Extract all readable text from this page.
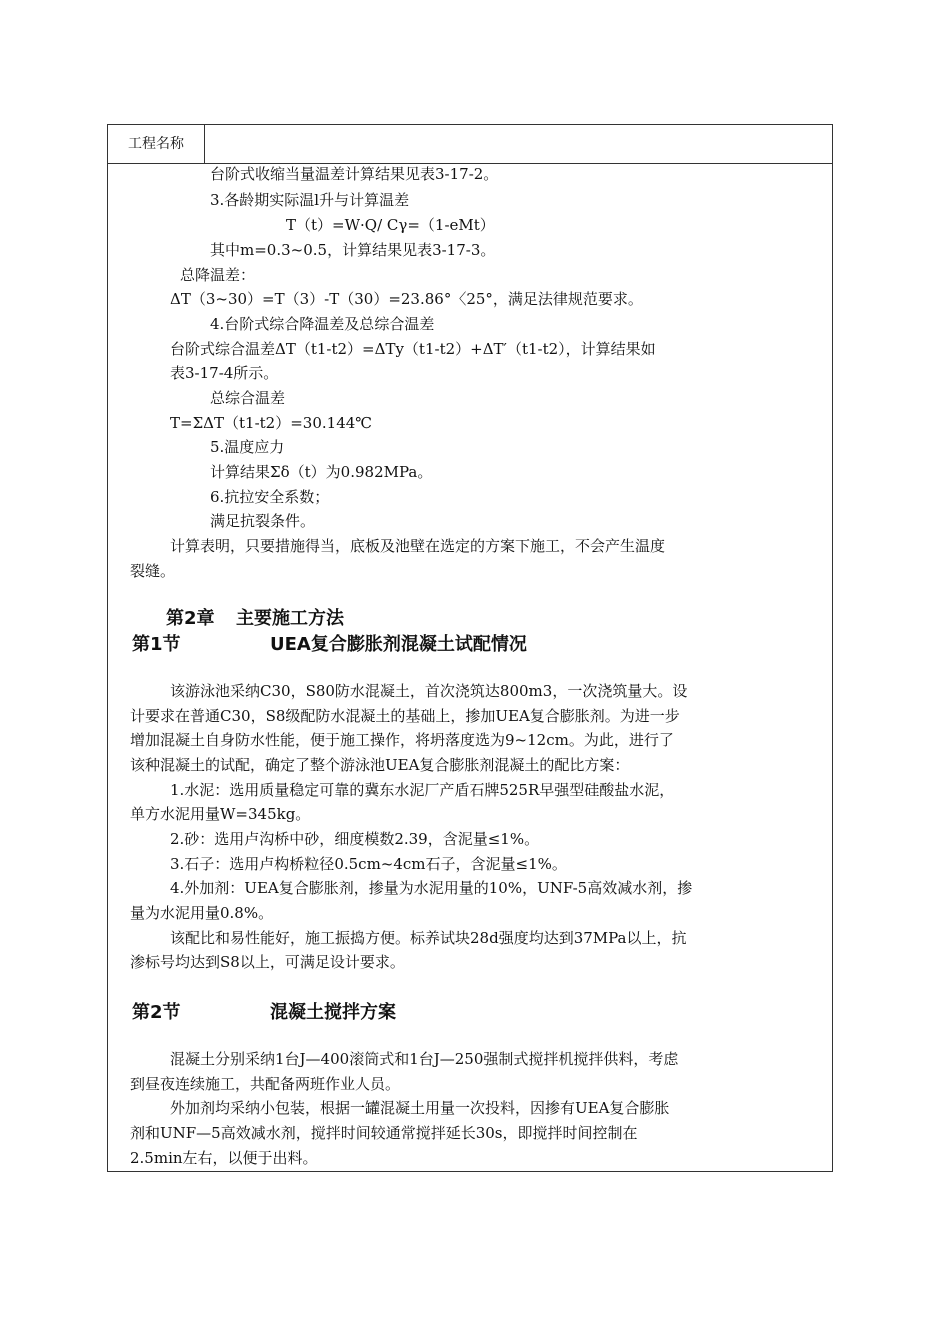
工程名称
台阶式收缩当量温差计算结果见表3-17-2。
3.各龄期实际温l升与计算温差
T（t）=W·Q/ Cγ=（1-eMt）
其中m=0.3~0.5，计算结果见表3-17-3。
总降温差：
ΔT（3~30）=T（3）-T（30）=23.86°〈25°，满足法律规范要求。
4.台阶式综合降温差及总综合温差
台阶式综合温差ΔT（t1-t2）=ΔTy（t1-t2）+ΔT′（t1-t2），计算结果如
表3-17-4所示。
总综合温差
T=ΣΔT（t1-t2）=30.144℃
5.温度应力
计算结果Σδ（t）为0.982MPa。
6.抗拉安全系数；
满足抗裂条件。
计算表明，只要措施得当，底板及池壁在选定的方案下施工，不会产生温度
裂缝。
第2章 主要施工方法
第1节	UEA复合膨胀剂混凝土试配情况
该游泳池采纳C30，S80防水混凝土，首次浇筑达800m3，一次浇筑量大。设
计要求在普通C30，S8级配防水混凝土的基础上，掺加UEA复合膨胀剂。为进一步
增加混凝土自身防水性能，便于施工操作，将坍落度选为9~12cm。为此，进行了
该种混凝土的试配，确定了整个游泳池UEA复合膨胀剂混凝土的配比方案：
1.水泥：选用质量稳定可靠的冀东水泥厂产盾石牌525R早强型硅酸盐水泥，
单方水泥用量W=345kg。
2.砂：选用卢沟桥中砂，细度模数2.39，含泥量≤1%。
3.石子：选用卢构桥粒径0.5cm~4cm石子，含泥量≤1%。
4.外加剂：UEA复合膨胀剂，掺量为水泥用量的10%，UNF-5高效减水剂，掺
量为水泥用量0.8%。
该配比和易性能好，施工振捣方便。标养试块28d强度均达到37MPa以上，抗
渗标号均达到S8以上，可满足设计要求。
第2节	混凝土搅拌方案
混凝土分别采纳1台J—400滚筒式和1台J—250强制式搅拌机搅拌供料，考虑
到昼夜连续施工，共配备两班作业人员。
外加剂均采纳小包装，根据一罐混凝土用量一次投料，因掺有UEA复合膨胀
剂和UNF—5高效减水剂，搅拌时间较通常搅拌延长30s，即搅拌时间控制在
2.5min左右，以便于出料。
